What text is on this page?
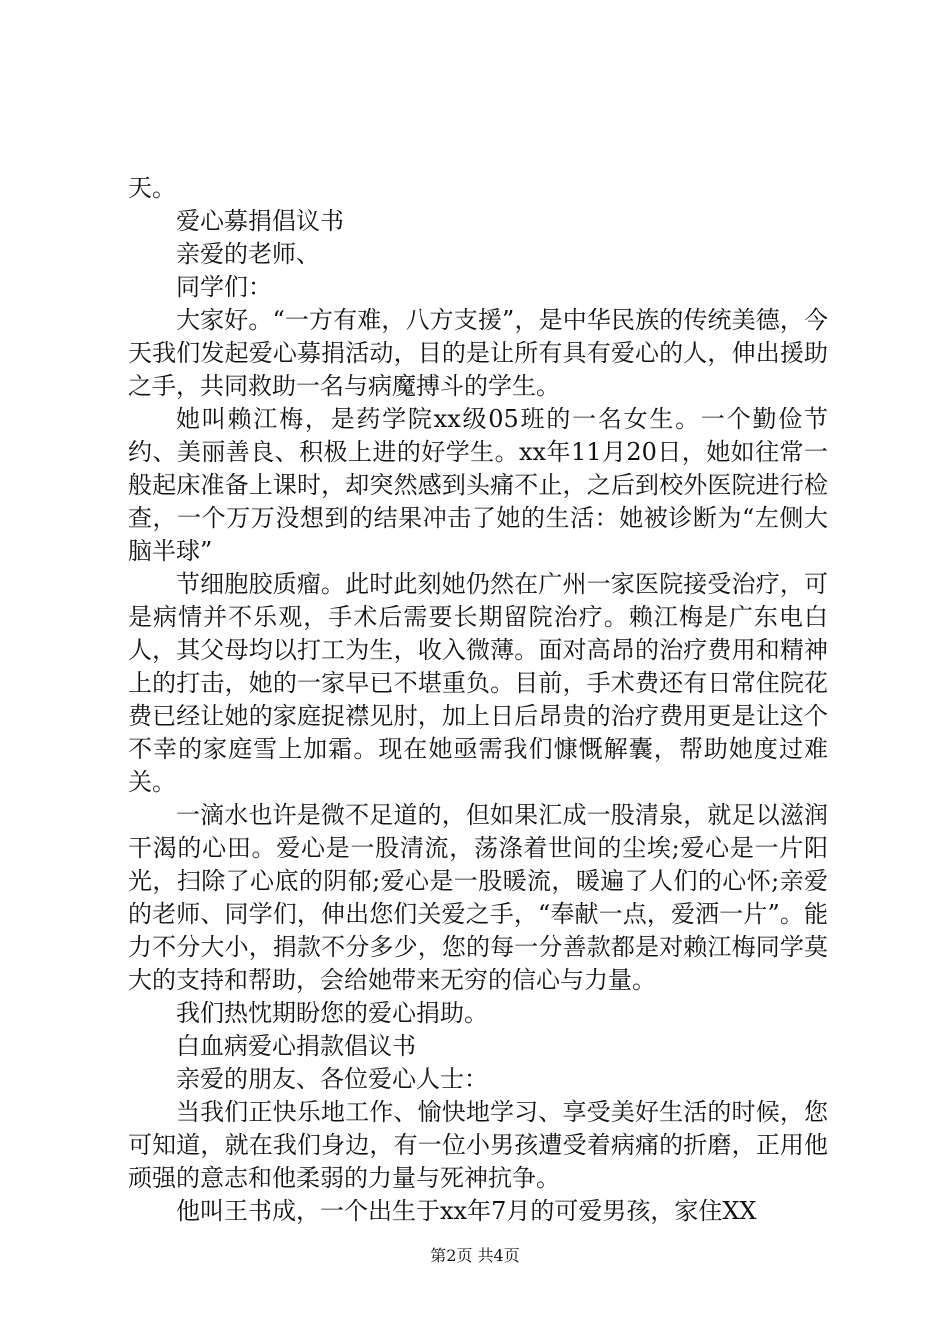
天。

爱心募捐倡议书

亲爱的老师、

同学们：

大家好。“一方有难，八方支援”，是中华民族的传统美德，今天我们发起爱心募捐活动，目的是让所有具有爱心的人，伸出援助之手，共同救助一名与病魔搏斗的学生。

她叫赖江梅，是药学院xx级05班的一名女生。一个勤俭节约、美丽善良、积极上进的好学生。xx年11月20日，她如往常一般起床准备上课时，却突然感到头痛不止，之后到校外医院进行检查，一个万万没想到的结果冲击了她的生活：她被诊断为“左侧大脑半球”

节细胞胶质瘤。此时此刻她仍然在广州一家医院接受治疗，可是病情并不乐观，手术后需要长期留院治疗。赖江梅是广东电白人，其父母均以打工为生，收入微薄。面对高昂的治疗费用和精神上的打击，她的一家早已不堪重负。目前，手术费还有日常住院花费已经让她的家庭捉襟见肘，加上日后昂贵的治疗费用更是让这个不幸的家庭雪上加霜。现在她亟需我们慷慨解囊，帮助她度过难关。

一滴水也许是微不足道的，但如果汇成一股清泉，就足以滋润干渴的心田。爱心是一股清流，荡涤着世间的尘埃;爱心是一片阳光，扫除了心底的阴郁;爱心是一股暖流，暖遍了人们的心怀;亲爱的老师、同学们，伸出您们关爱之手，“奉献一点，爱洒一片”。能力不分大小，捐款不分多少，您的每一分善款都是对赖江梅同学莫大的支持和帮助，会给她带来无穷的信心与力量。

我们热忱期盼您的爱心捐助。

白血病爱心捐款倡议书

亲爱的朋友、各位爱心人士：

当我们正快乐地工作、愉快地学习、享受美好生活的时候，您可知道，就在我们身边，有一位小男孩遭受着病痛的折磨，正用他顽强的意志和他柔弱的力量与死神抗争。

他叫王书成，一个出生于xx年7月的可爱男孩，家住XX

第2页 共4页
